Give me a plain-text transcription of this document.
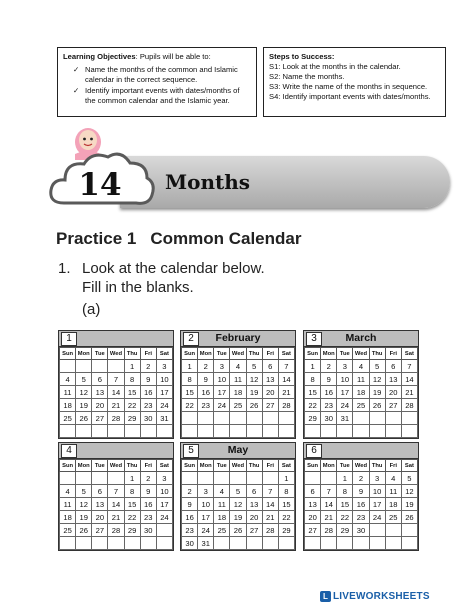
Learning Objectives: Pupils will be able to:
✓ Name the months of the common and Islamic calendar in the correct sequence.
✓ Identify important events with dates/months of the common calendar and the Islamic year.
Steps to Success:
S1: Look at the months in the calendar.
S2: Name the months.
S3: Write the name of the months in sequence.
S4: Identify important events with dates/months.
14 Months
Practice 1 Common Calendar
1. Look at the calendar below.
Fill in the blanks.
(a)
1
Sun	Mon	Tue	Wed	Thu	Fri	Sat
				1	2	3
4	5	6	7	8	9	10
11	12	13	14	15	16	17
18	19	20	21	22	23	24
25	26	27	28	29	30	31

February
2
Sun	Mon	Tue	Wed	Thu	Fri	Sat
1	2	3	4	5	6	7
8	9	10	11	12	13	14
15	16	17	18	19	20	21
22	23	24	25	26	27	28

March
3
Sun	Mon	Tue	Wed	Thu	Fri	Sat
1	2	3	4	5	6	7
8	9	10	11	12	13	14
15	16	17	18	19	20	21
22	23	24	25	26	27	28
29	30	31				

4
Sun	Mon	Tue	Wed	Thu	Fri	Sat
				1	2	3
4	5	6	7	8	9	10
11	12	13	14	15	16	17
18	19	20	21	22	23	24
25	26	27	28	29	30	

May
5
Sun	Mon	Tue	Wed	Thu	Fri	Sat
						1
2	3	4	5	6	7	8
9	10	11	12	13	14	15
16	17	18	19	20	21	22
23	24	25	26	27	28	29
30	31					
6
Sun	Mon	Tue	Wed	Thu	Fri	Sat
		1	2	3	4	5
6	7	8	9	10	11	12
13	14	15	16	17	18	19
20	21	22	23	24	25	26
27	28	29	30			

L LIVEWORKSHEETS
